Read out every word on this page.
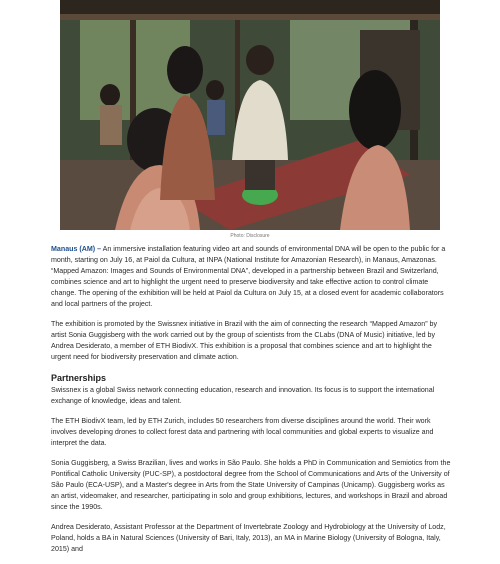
Photo: Disclosure

Manaus (AM) – An immersive installation featuring video art and sounds of environmental DNA will be open to the public for a month, starting on July 16, at Paiol da Cultura, at INPA (National Institute for Amazonian Research), in Manaus, Amazonas. “Mapped Amazon: Images and Sounds of Environmental DNA”, developed in a partnership between Brazil and Switzerland, combines science and art to highlight the urgent need to preserve biodiversity and take effective action to control climate change. The opening of the exhibition will be held at Paiol da Cultura on July 15, at a closed event for academic collaborators and local partners of the project.

The exhibition is promoted by the Swissnex initiative in Brazil with the aim of connecting the research “Mapped Amazon” by artist Sonia Guggisberg with the work carried out by the group of scientists from the CLabs (DNA of Music) initiative, led by Andrea Desiderato, a member of ETH BiodivX. This exhibition is a proposal that combines science and art to highlight the urgent need for biodiversity preservation and climate action.

Partnerships

Swissnex is a global Swiss network connecting education, research and innovation. Its focus is to support the international exchange of knowledge, ideas and talent.

The ETH BiodivX team, led by ETH Zurich, includes 50 researchers from diverse disciplines around the world. Their work involves developing drones to collect forest data and partnering with local communities and global experts to visualize and interpret the data.

Sonia Guggisberg, a Swiss Brazilian, lives and works in São Paulo. She holds a PhD in Communication and Semiotics from the Pontifical Catholic University (PUC-SP), a postdoctoral degree from the School of Communications and Arts of the University of São Paulo (ECA-USP), and a Master's degree in Arts from the State University of Campinas (Unicamp). Guggisberg works as an artist, videomaker, and researcher, participating in solo and group exhibitions, lectures, and workshops in Brazil and abroad since the 1990s.

Andrea Desiderato, Assistant Professor at the Department of Invertebrate Zoology and Hydrobiology at the University of Lodz, Poland, holds a BA in Natural Sciences (University of Bari, Italy, 2013), an MA in Marine Biology (University of Bologna, Italy, 2015) and
